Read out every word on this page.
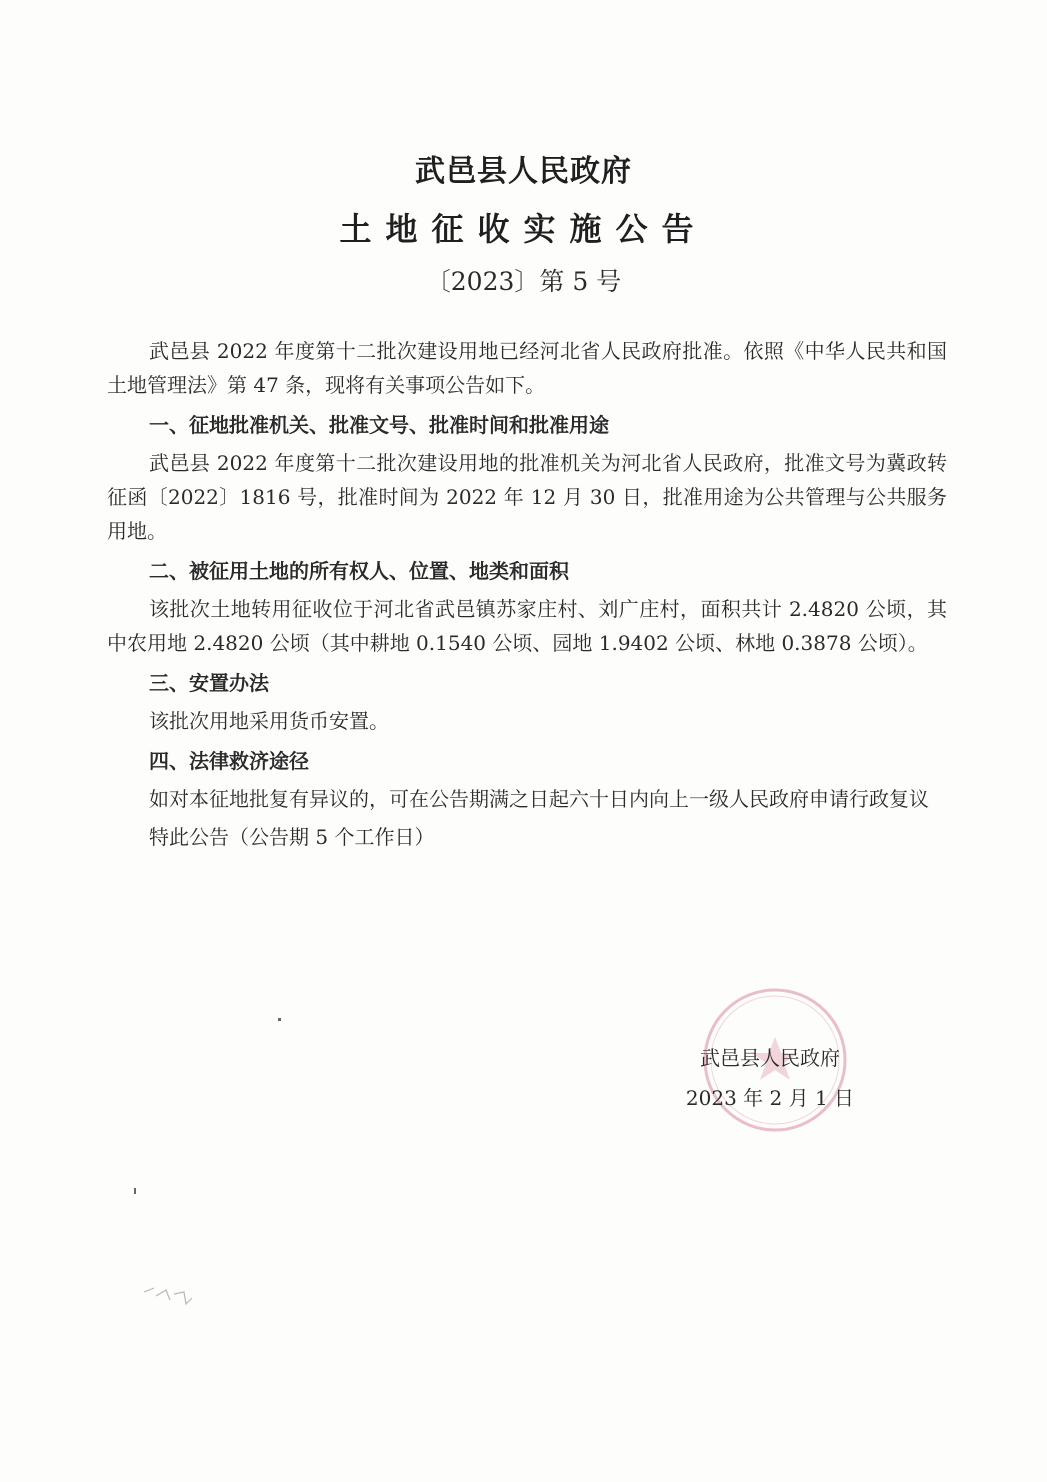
武邑县人民政府
土地征收实施公告
〔2023〕第 5 号

武邑县 2022 年度第十二批次建设用地已经河北省人民政府批准。依照《中华人民共和国土地管理法》第 47 条，现将有关事项公告如下。

一、征地批准机关、批准文号、批准时间和批准用途

武邑县 2022 年度第十二批次建设用地的批准机关为河北省人民政府，批准文号为冀政转征函〔2022〕1816 号，批准时间为 2022 年 12 月 30 日，批准用途为公共管理与公共服务用地。

二、被征用土地的所有权人、位置、地类和面积

该批次土地转用征收位于河北省武邑镇苏家庄村、刘广庄村，面积共计 2.4820 公顷，其中农用地 2.4820 公顷（其中耕地 0.1540 公顷、园地 1.9402 公顷、林地 0.3878 公顷）。

三、安置办法

该批次用地采用货币安置。

四、法律救济途径

如对本征地批复有异议的，可在公告期满之日起六十日内向上一级人民政府申请行政复议

特此公告（公告期 5 个工作日）

武邑县人民政府
2023 年 2 月 1 日
